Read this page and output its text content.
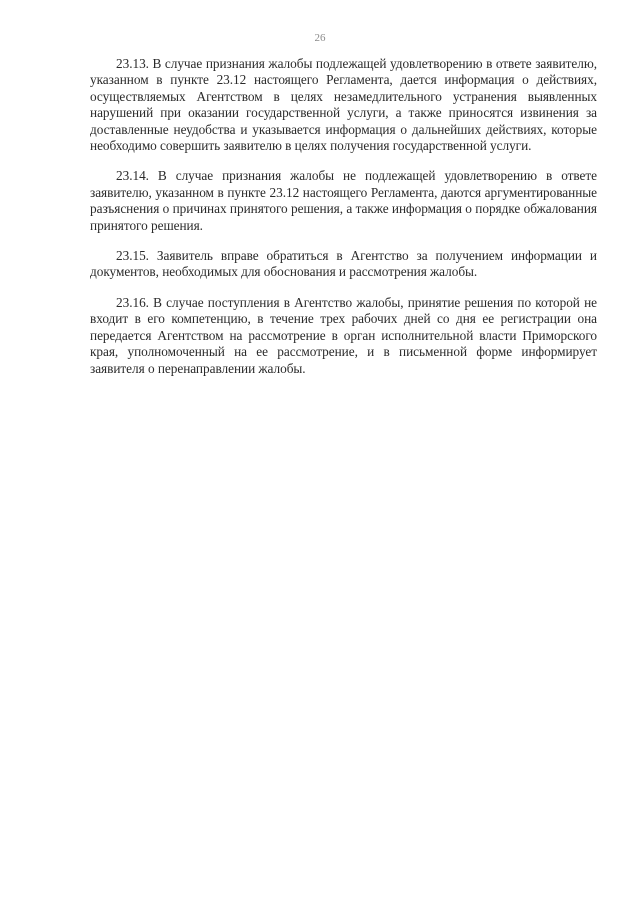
26

23.13. В случае признания жалобы подлежащей удовлетворению в ответе заявителю, указанном в пункте 23.12 настоящего Регламента, дается информация о действиях, осуществляемых Агентством в целях незамедлительного устранения выявленных нарушений при оказании государственной услуги, а также приносятся извинения за доставленные неудобства и указывается информация о дальнейших действиях, которые необходимо совершить заявителю в целях получения государственной услуги.

23.14. В случае признания жалобы не подлежащей удовлетворению в ответе заявителю, указанном в пункте 23.12 настоящего Регламента, даются аргументированные разъяснения о причинах принятого решения, а также информация о порядке обжалования принятого решения.

23.15. Заявитель вправе обратиться в Агентство за получением информации и документов, необходимых для обоснования и рассмотрения жалобы.

23.16. В случае поступления в Агентство жалобы, принятие решения по которой не входит в его компетенцию, в течение трех рабочих дней со дня ее регистрации она передается Агентством на рассмотрение в орган исполнительной власти Приморского края, уполномоченный на ее рассмотрение, и в письменной форме информирует заявителя о перенаправлении жалобы.
